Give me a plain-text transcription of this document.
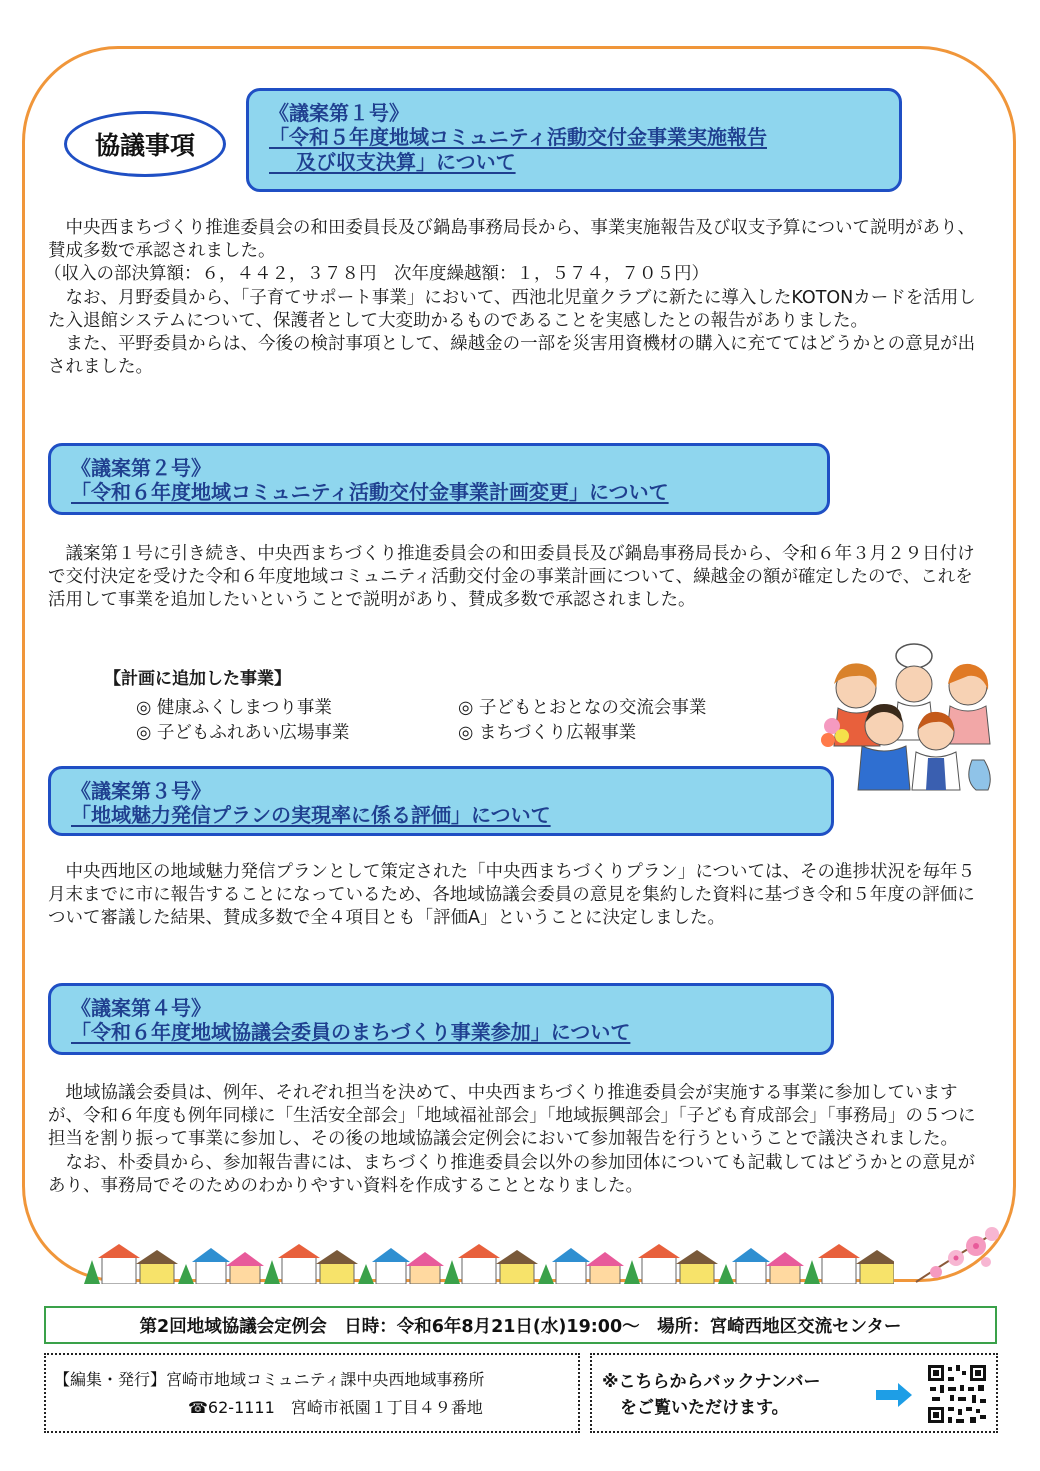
協議事項

《議案第１号》

「令和５年度地域コミュニティ活動交付金事業実施報告

　 及び収支決算」について

　中央西まちづくり推進委員会の和田委員長及び鍋島事務局長から、事業実施報告及び収支予算について説明があり、賛成多数で承認されました。

（収入の部決算額：６，４４２，３７８円　次年度繰越額：１，５７４，７０５円）

　なお、月野委員から、「子育てサポート事業」において、西池北児童クラブに新たに導入したKOTONカードを活用した入退館システムについて、保護者として大変助かるものであることを実感したとの報告がありました。

　また、平野委員からは、今後の検討事項として、繰越金の一部を災害用資機材の購入に充ててはどうかとの意見が出されました。

《議案第２号》

「令和６年度地域コミュニティ活動交付金事業計画変更」について

　議案第１号に引き続き、中央西まちづくり推進委員会の和田委員長及び鍋島事務局長から、令和６年３月２９日付けで交付決定を受けた令和６年度地域コミュニティ活動交付金の事業計画について、繰越金の額が確定したので、これを活用して事業を追加したいということで説明があり、賛成多数で承認されました。

【計画に追加した事業】
◎ 健康ふくしまつり事業	◎ 子どもとおとなの交流会事業
◎ 子どもふれあい広場事業	◎ まちづくり広報事業

《議案第３号》

「地域魅力発信プランの実現率に係る評価」について

　中央西地区の地域魅力発信プランとして策定された「中央西まちづくりプラン」については、その進捗状況を毎年５月末までに市に報告することになっているため、各地域協議会委員の意見を集約した資料に基づき令和５年度の評価について審議した結果、賛成多数で全４項目とも「評価A」ということに決定しました。

《議案第４号》

「令和６年度地域協議会委員のまちづくり事業参加」について

　地域協議会委員は、例年、それぞれ担当を決めて、中央西まちづくり推進委員会が実施する事業に参加していますが、令和６年度も例年同様に「生活安全部会」「地域福祉部会」「地域振興部会」「子ども育成部会」「事務局」の５つに担当を割り振って事業に参加し、その後の地域協議会定例会において参加報告を行うということで議決されました。

　なお、朴委員から、参加報告書には、まちづくり推進委員会以外の参加団体についても記載してはどうかとの意見があり、事務局でそのためのわかりやすい資料を作成することとなりました。

第2回地域協議会定例会　日時：令和6年8月21日(水)19:00～　場所：宮崎西地区交流センター
【編集・発行】宮崎市地域コミュニティ課中央西地域事務所
☎62-1111　宮崎市祇園１丁目４９番地
※こちらからバックナンバー
をご覧いただけます。
